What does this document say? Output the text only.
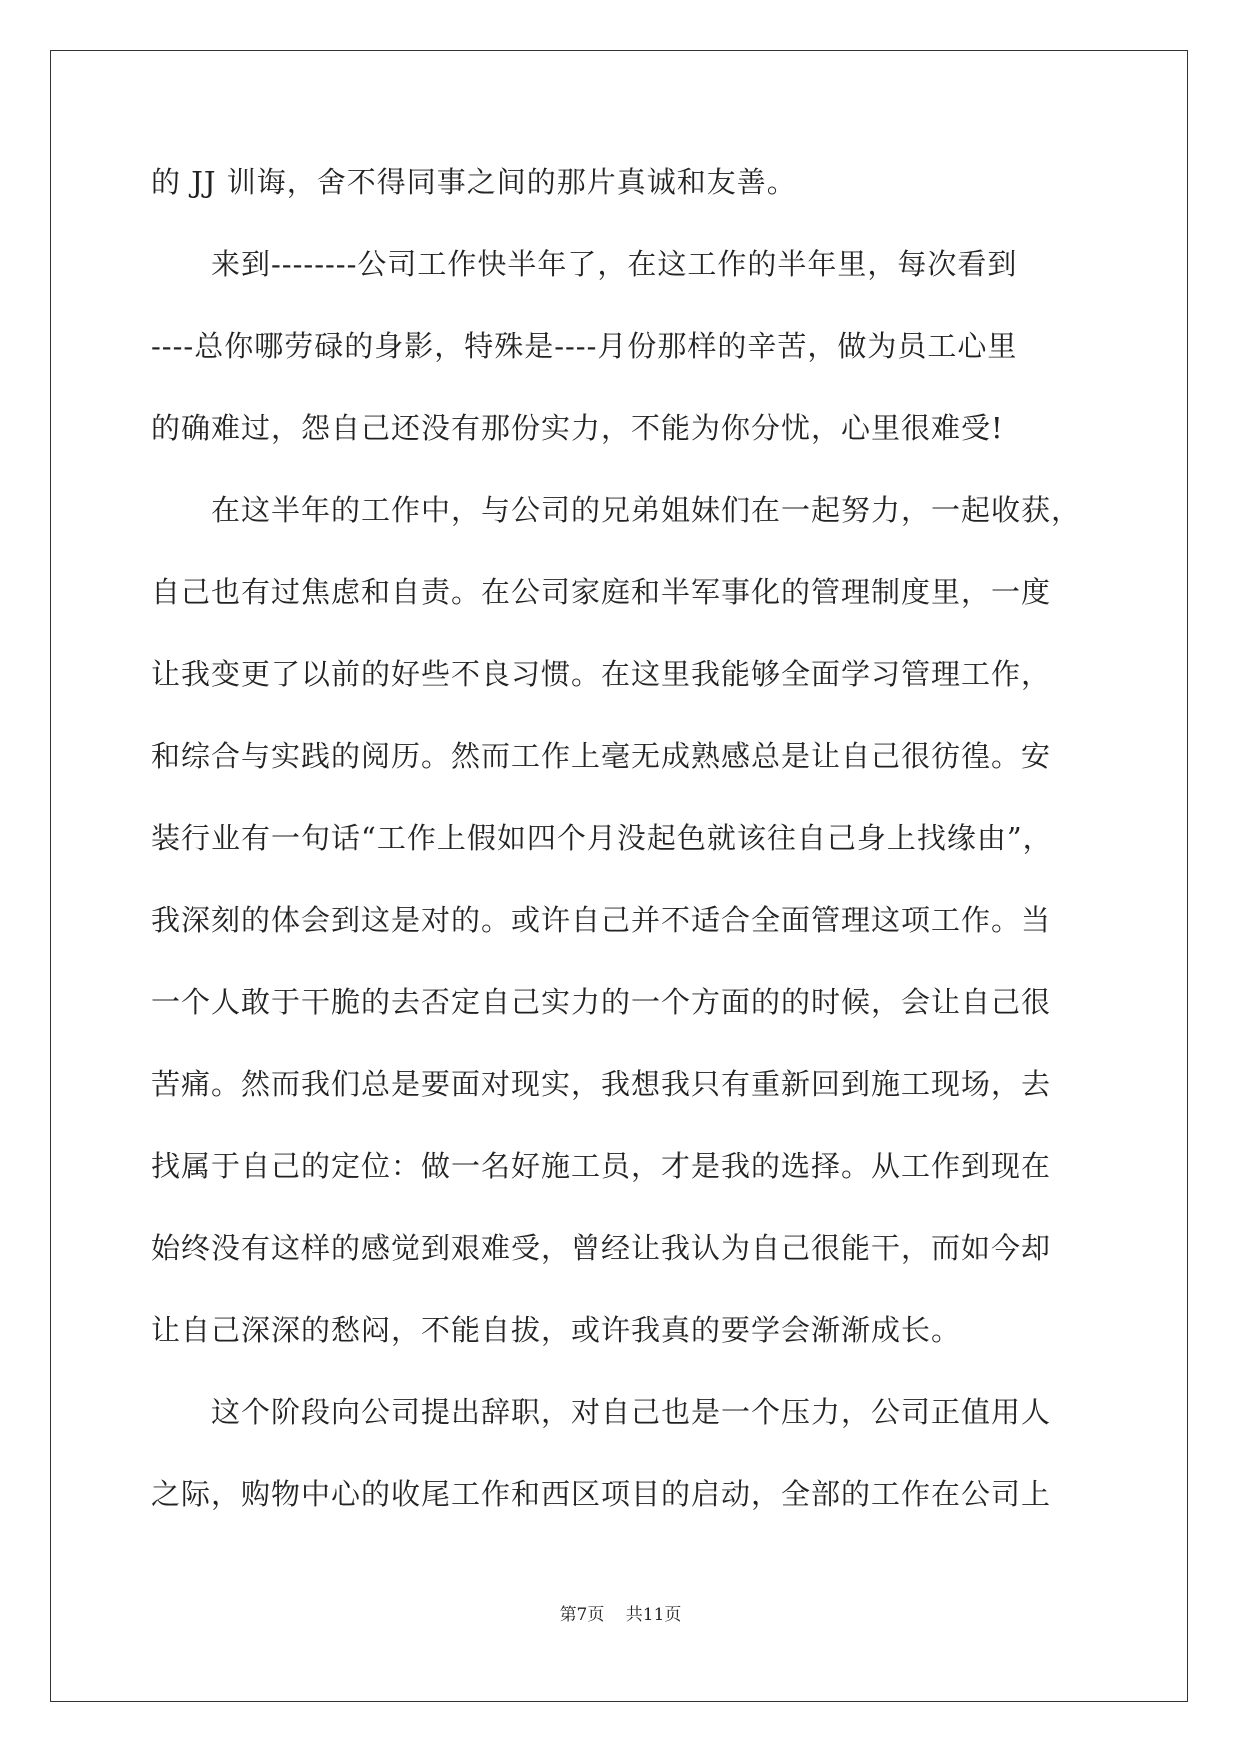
的 JJ 训诲，舍不得同事之间的那片真诚和友善。

　　来到--------公司工作快半年了，在这工作的半年里，每次看到

----总你哪劳碌的身影，特殊是----月份那样的辛苦，做为员工心里

的确难过，怨自己还没有那份实力，不能为你分忧，心里很难受!

　　在这半年的工作中，与公司的兄弟姐妹们在一起努力，一起收获，

自己也有过焦虑和自责。在公司家庭和半军事化的管理制度里，一度

让我变更了以前的好些不良习惯。在这里我能够全面学习管理工作，

和综合与实践的阅历。然而工作上毫无成熟感总是让自己很彷徨。安

装行业有一句话“工作上假如四个月没起色就该往自己身上找缘由”，

我深刻的体会到这是对的。或许自己并不适合全面管理这项工作。当

一个人敢于干脆的去否定自己实力的一个方面的的时候，会让自己很

苦痛。然而我们总是要面对现实，我想我只有重新回到施工现场，去

找属于自己的定位：做一名好施工员，才是我的选择。从工作到现在

始终没有这样的感觉到艰难受，曾经让我认为自己很能干，而如今却

让自己深深的愁闷，不能自拔，或许我真的要学会渐渐成长。

　　这个阶段向公司提出辞职，对自己也是一个压力，公司正值用人

之际，购物中心的收尾工作和西区项目的启动，全部的工作在公司上

第7页 共11页
